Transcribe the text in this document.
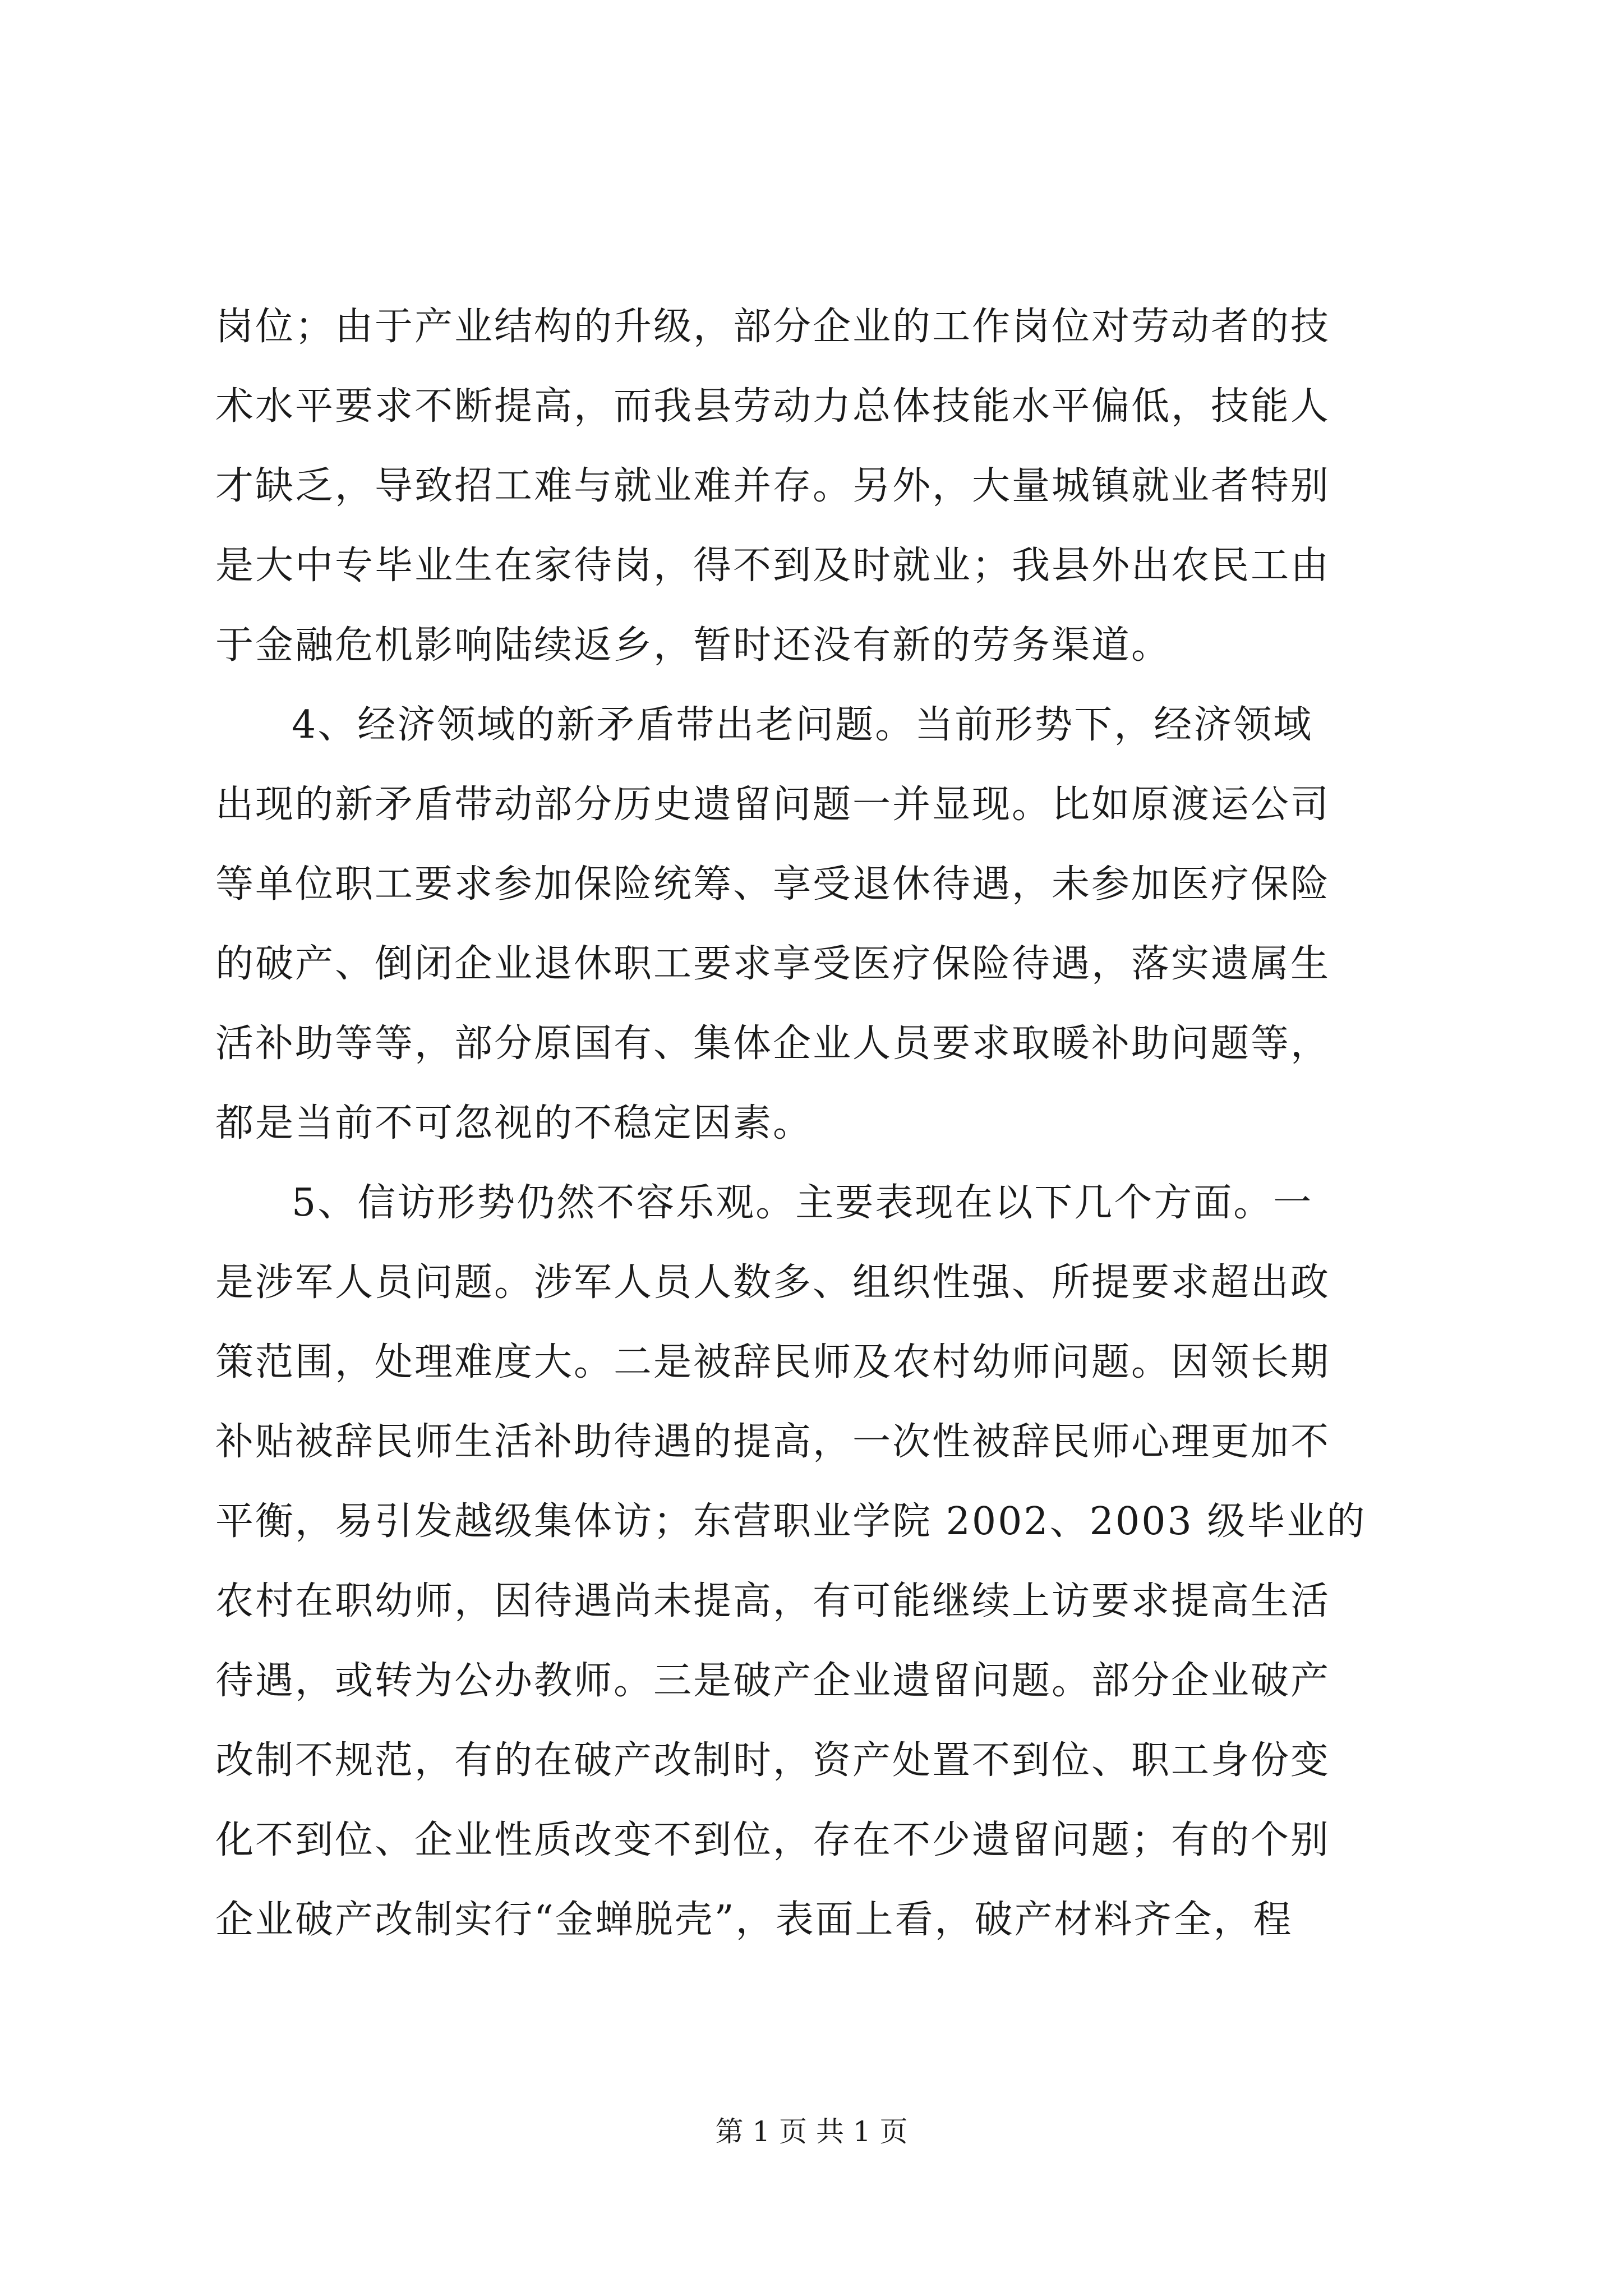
岗位；由于产业结构的升级，部分企业的工作岗位对劳动者的技
术水平要求不断提高，而我县劳动力总体技能水平偏低，技能人
才缺乏，导致招工难与就业难并存。另外，大量城镇就业者特别
是大中专毕业生在家待岗，得不到及时就业；我县外出农民工由
于金融危机影响陆续返乡，暂时还没有新的劳务渠道。
4、经济领域的新矛盾带出老问题。当前形势下，经济领域
出现的新矛盾带动部分历史遗留问题一并显现。比如原渡运公司
等单位职工要求参加保险统筹、享受退休待遇，未参加医疗保险
的破产、倒闭企业退休职工要求享受医疗保险待遇，落实遗属生
活补助等等，部分原国有、集体企业人员要求取暖补助问题等，
都是当前不可忽视的不稳定因素。
5、信访形势仍然不容乐观。主要表现在以下几个方面。一
是涉军人员问题。涉军人员人数多、组织性强、所提要求超出政
策范围，处理难度大。二是被辞民师及农村幼师问题。因领长期
补贴被辞民师生活补助待遇的提高，一次性被辞民师心理更加不
平衡，易引发越级集体访；东营职业学院 2002、2003 级毕业的
农村在职幼师，因待遇尚未提高，有可能继续上访要求提高生活
待遇，或转为公办教师。三是破产企业遗留问题。部分企业破产
改制不规范，有的在破产改制时，资产处置不到位、职工身份变
化不到位、企业性质改变不到位，存在不少遗留问题；有的个别
企业破产改制实行“金蝉脱壳”，表面上看，破产材料齐全，程
第 1 页 共 1 页
